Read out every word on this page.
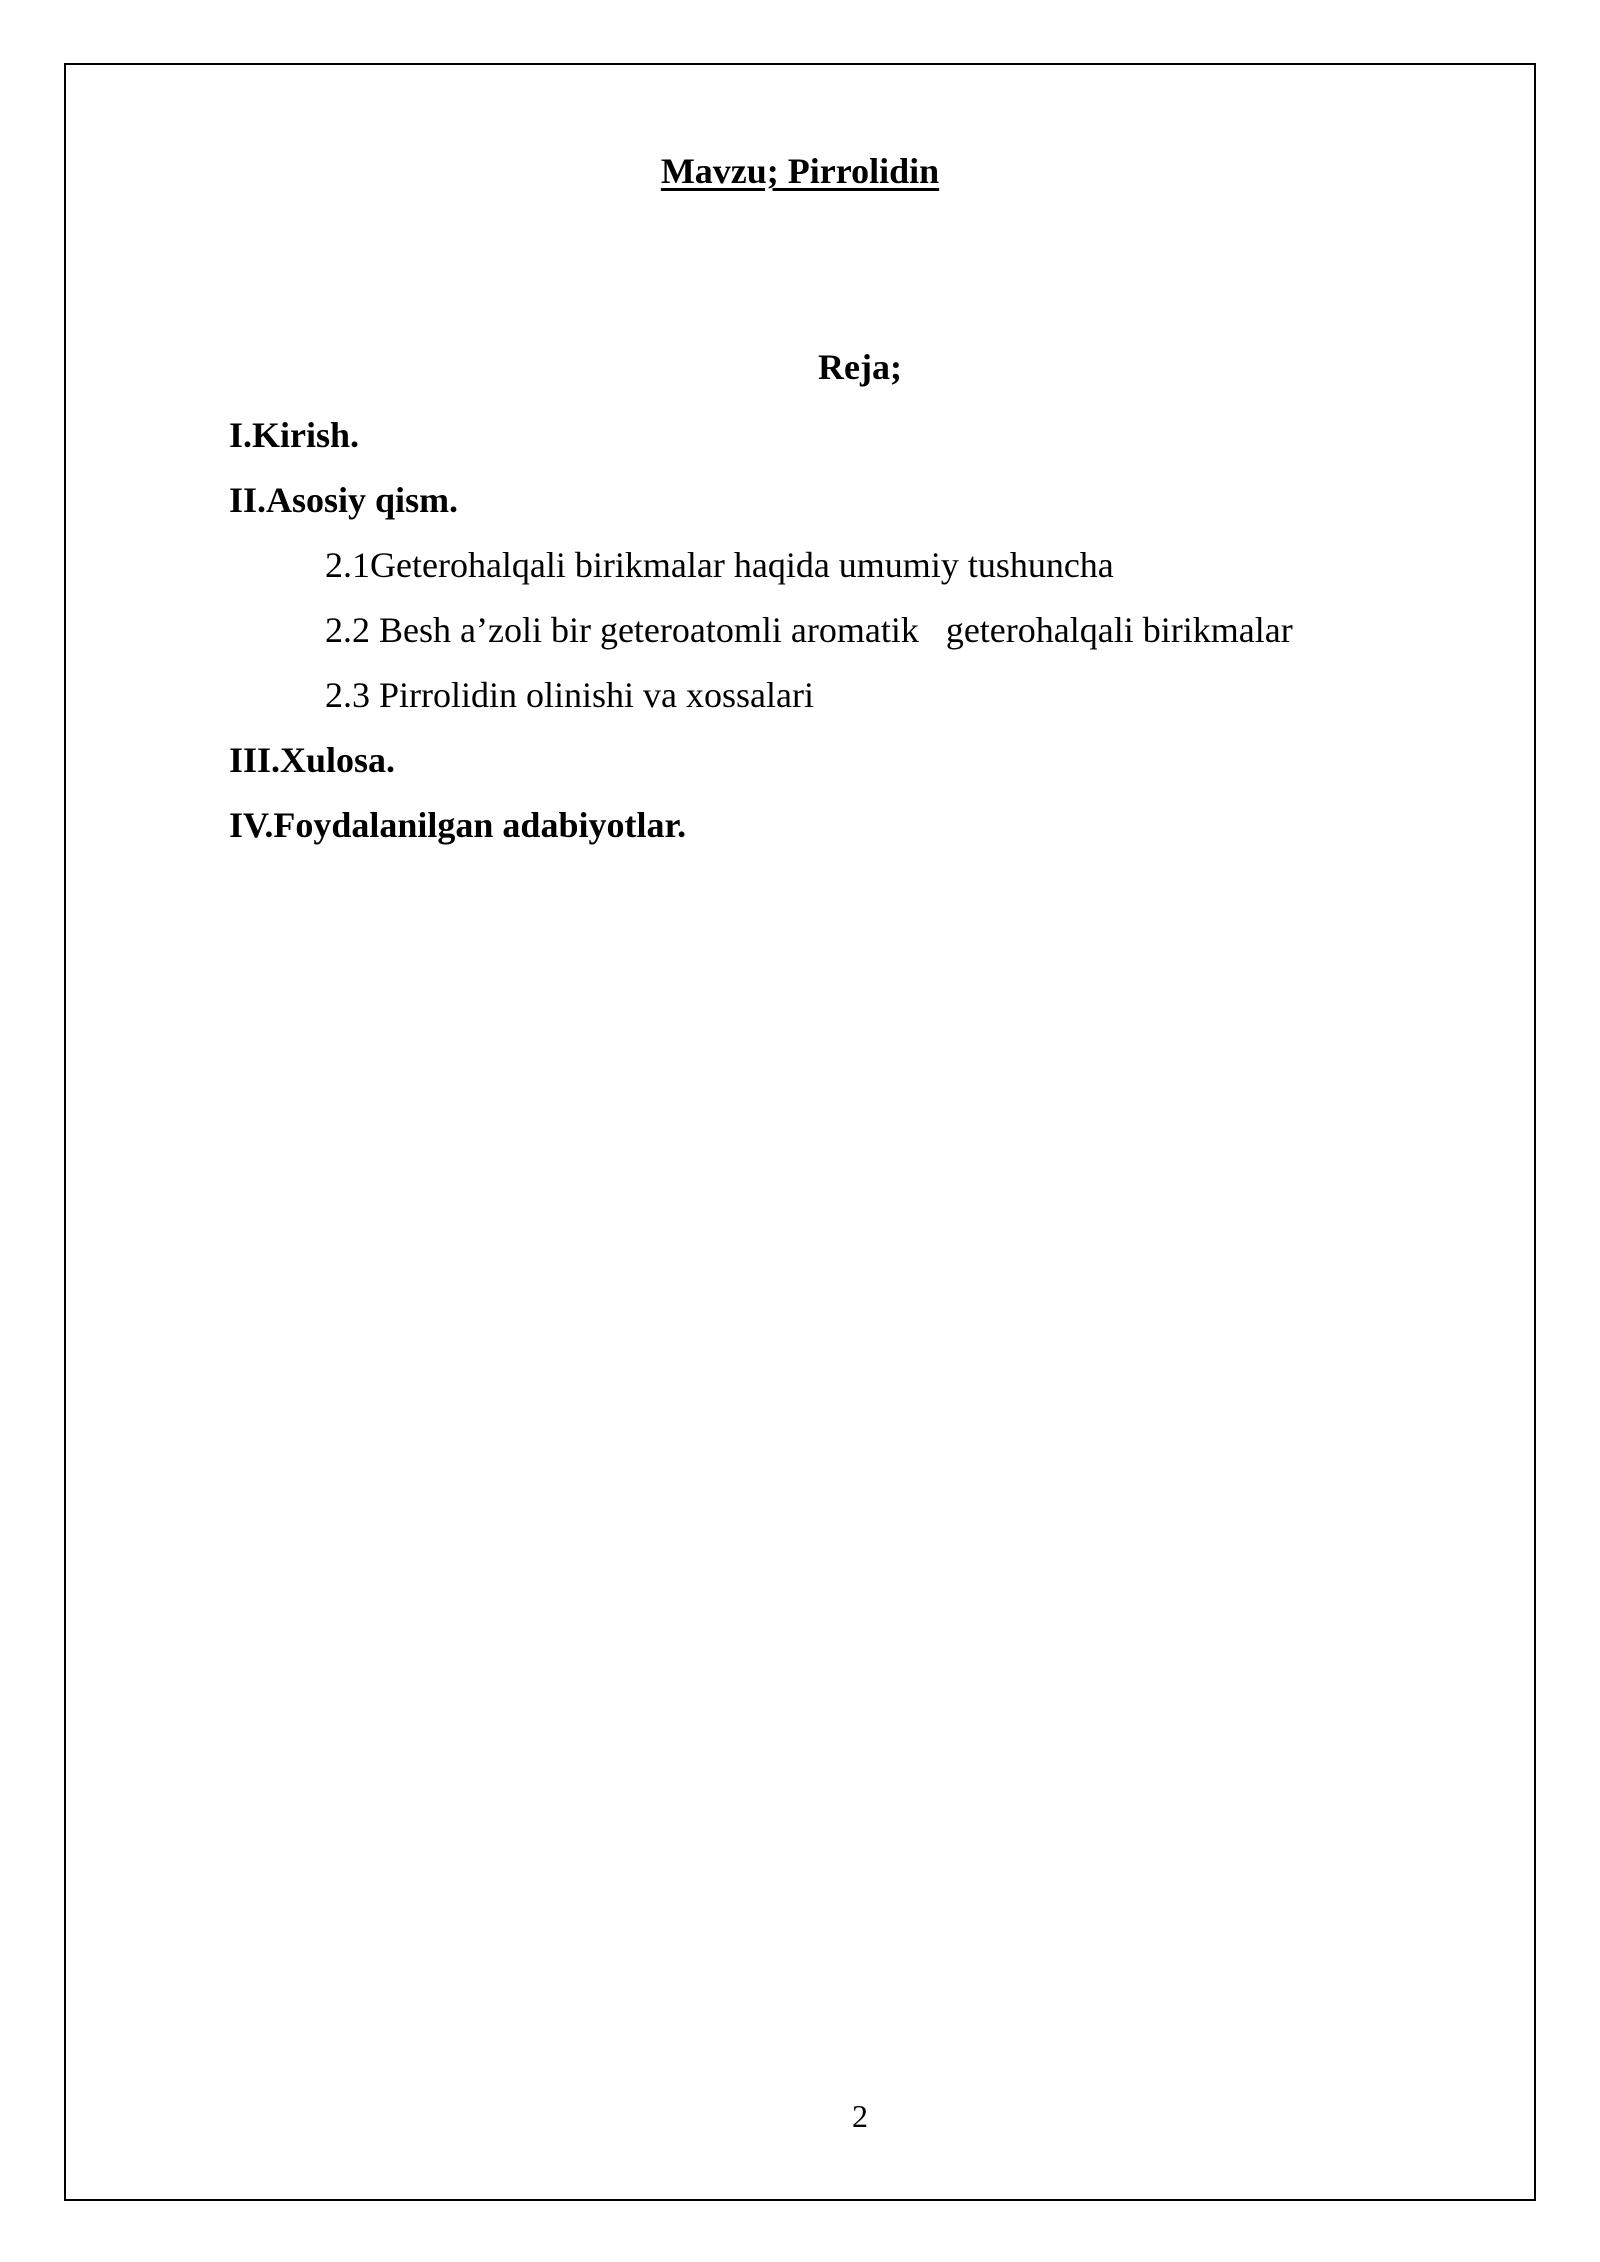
Mavzu; Pirrolidin
Reja;
I.Kirish.
II.Asosiy qism.
2.1Geterohalqali birikmalar haqida umumiy tushuncha
2.2 Besh a’zoli bir geteroatomli aromatik   geterohalqali birikmalar
2.3 Pirrolidin olinishi va xossalari
III.Xulosa.
IV.Foydalanilgan adabiyotlar.
2
